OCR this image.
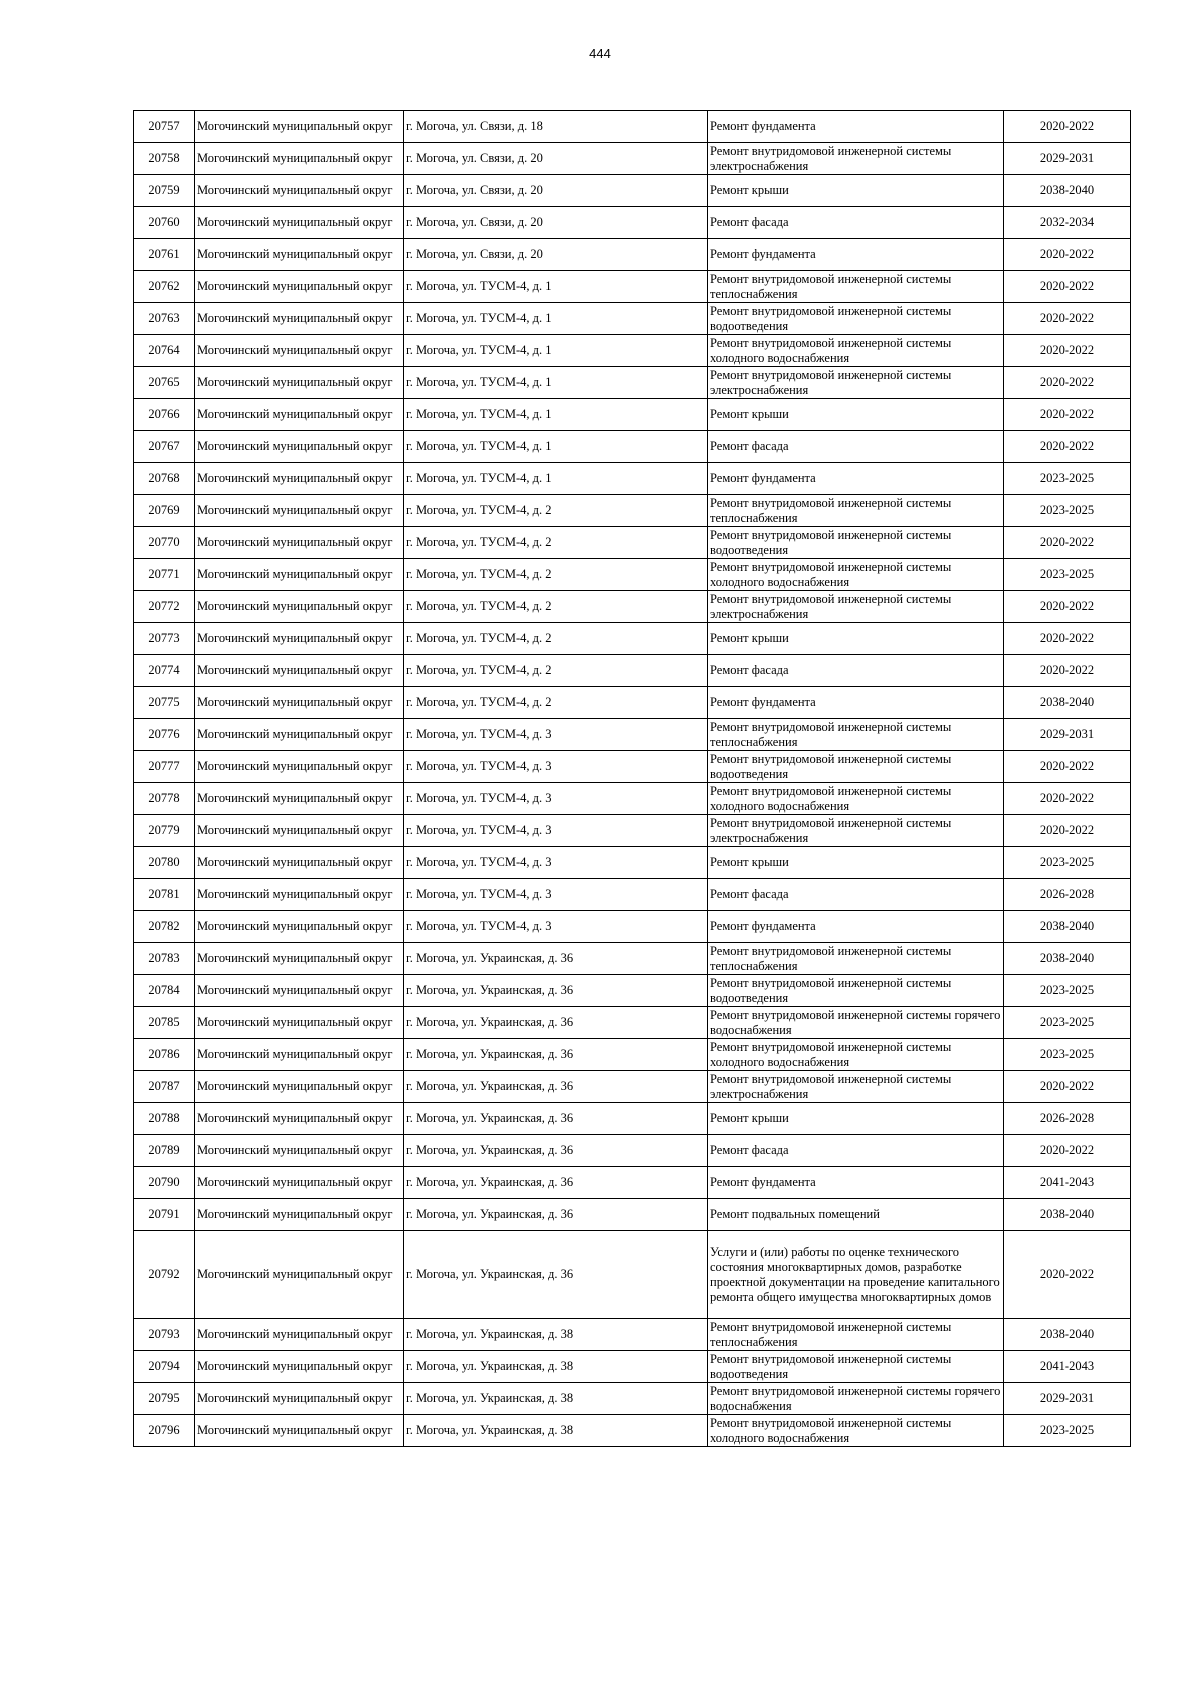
444
20757	Могочинский муниципальный округ	г. Могоча, ул. Связи, д. 18	Ремонт фундамента	2020-2022
20758	Могочинский муниципальный округ	г. Могоча, ул. Связи, д. 20	Ремонт внутридомовой инженерной системы электроснабжения	2029-2031
20759	Могочинский муниципальный округ	г. Могоча, ул. Связи, д. 20	Ремонт крыши	2038-2040
20760	Могочинский муниципальный округ	г. Могоча, ул. Связи, д. 20	Ремонт фасада	2032-2034
20761	Могочинский муниципальный округ	г. Могоча, ул. Связи, д. 20	Ремонт фундамента	2020-2022
20762	Могочинский муниципальный округ	г. Могоча, ул. ТУСМ-4, д. 1	Ремонт внутридомовой инженерной системы теплоснабжения	2020-2022
20763	Могочинский муниципальный округ	г. Могоча, ул. ТУСМ-4, д. 1	Ремонт внутридомовой инженерной системы водоотведения	2020-2022
20764	Могочинский муниципальный округ	г. Могоча, ул. ТУСМ-4, д. 1	Ремонт внутридомовой инженерной системы холодного водоснабжения	2020-2022
20765	Могочинский муниципальный округ	г. Могоча, ул. ТУСМ-4, д. 1	Ремонт внутридомовой инженерной системы электроснабжения	2020-2022
20766	Могочинский муниципальный округ	г. Могоча, ул. ТУСМ-4, д. 1	Ремонт крыши	2020-2022
20767	Могочинский муниципальный округ	г. Могоча, ул. ТУСМ-4, д. 1	Ремонт фасада	2020-2022
20768	Могочинский муниципальный округ	г. Могоча, ул. ТУСМ-4, д. 1	Ремонт фундамента	2023-2025
20769	Могочинский муниципальный округ	г. Могоча, ул. ТУСМ-4, д. 2	Ремонт внутридомовой инженерной системы теплоснабжения	2023-2025
20770	Могочинский муниципальный округ	г. Могоча, ул. ТУСМ-4, д. 2	Ремонт внутридомовой инженерной системы водоотведения	2020-2022
20771	Могочинский муниципальный округ	г. Могоча, ул. ТУСМ-4, д. 2	Ремонт внутридомовой инженерной системы холодного водоснабжения	2023-2025
20772	Могочинский муниципальный округ	г. Могоча, ул. ТУСМ-4, д. 2	Ремонт внутридомовой инженерной системы электроснабжения	2020-2022
20773	Могочинский муниципальный округ	г. Могоча, ул. ТУСМ-4, д. 2	Ремонт крыши	2020-2022
20774	Могочинский муниципальный округ	г. Могоча, ул. ТУСМ-4, д. 2	Ремонт фасада	2020-2022
20775	Могочинский муниципальный округ	г. Могоча, ул. ТУСМ-4, д. 2	Ремонт фундамента	2038-2040
20776	Могочинский муниципальный округ	г. Могоча, ул. ТУСМ-4, д. 3	Ремонт внутридомовой инженерной системы теплоснабжения	2029-2031
20777	Могочинский муниципальный округ	г. Могоча, ул. ТУСМ-4, д. 3	Ремонт внутридомовой инженерной системы водоотведения	2020-2022
20778	Могочинский муниципальный округ	г. Могоча, ул. ТУСМ-4, д. 3	Ремонт внутридомовой инженерной системы холодного водоснабжения	2020-2022
20779	Могочинский муниципальный округ	г. Могоча, ул. ТУСМ-4, д. 3	Ремонт внутридомовой инженерной системы электроснабжения	2020-2022
20780	Могочинский муниципальный округ	г. Могоча, ул. ТУСМ-4, д. 3	Ремонт крыши	2023-2025
20781	Могочинский муниципальный округ	г. Могоча, ул. ТУСМ-4, д. 3	Ремонт фасада	2026-2028
20782	Могочинский муниципальный округ	г. Могоча, ул. ТУСМ-4, д. 3	Ремонт фундамента	2038-2040
20783	Могочинский муниципальный округ	г. Могоча, ул. Украинская, д. 36	Ремонт внутридомовой инженерной системы теплоснабжения	2038-2040
20784	Могочинский муниципальный округ	г. Могоча, ул. Украинская, д. 36	Ремонт внутридомовой инженерной системы водоотведения	2023-2025
20785	Могочинский муниципальный округ	г. Могоча, ул. Украинская, д. 36	Ремонт внутридомовой инженерной системы горячего водоснабжения	2023-2025
20786	Могочинский муниципальный округ	г. Могоча, ул. Украинская, д. 36	Ремонт внутридомовой инженерной системы холодного водоснабжения	2023-2025
20787	Могочинский муниципальный округ	г. Могоча, ул. Украинская, д. 36	Ремонт внутридомовой инженерной системы электроснабжения	2020-2022
20788	Могочинский муниципальный округ	г. Могоча, ул. Украинская, д. 36	Ремонт крыши	2026-2028
20789	Могочинский муниципальный округ	г. Могоча, ул. Украинская, д. 36	Ремонт фасада	2020-2022
20790	Могочинский муниципальный округ	г. Могоча, ул. Украинская, д. 36	Ремонт фундамента	2041-2043
20791	Могочинский муниципальный округ	г. Могоча, ул. Украинская, д. 36	Ремонт подвальных помещений	2038-2040
20792	Могочинский муниципальный округ	г. Могоча, ул. Украинская, д. 36	Услуги и (или) работы по оценке технического состояния многоквартирных домов, разработке проектной документации на проведение капитального ремонта общего имущества многоквартирных домов	2020-2022
20793	Могочинский муниципальный округ	г. Могоча, ул. Украинская, д. 38	Ремонт внутридомовой инженерной системы теплоснабжения	2038-2040
20794	Могочинский муниципальный округ	г. Могоча, ул. Украинская, д. 38	Ремонт внутридомовой инженерной системы водоотведения	2041-2043
20795	Могочинский муниципальный округ	г. Могоча, ул. Украинская, д. 38	Ремонт внутридомовой инженерной системы горячего водоснабжения	2029-2031
20796	Могочинский муниципальный округ	г. Могоча, ул. Украинская, д. 38	Ремонт внутридомовой инженерной системы холодного водоснабжения	2023-2025
